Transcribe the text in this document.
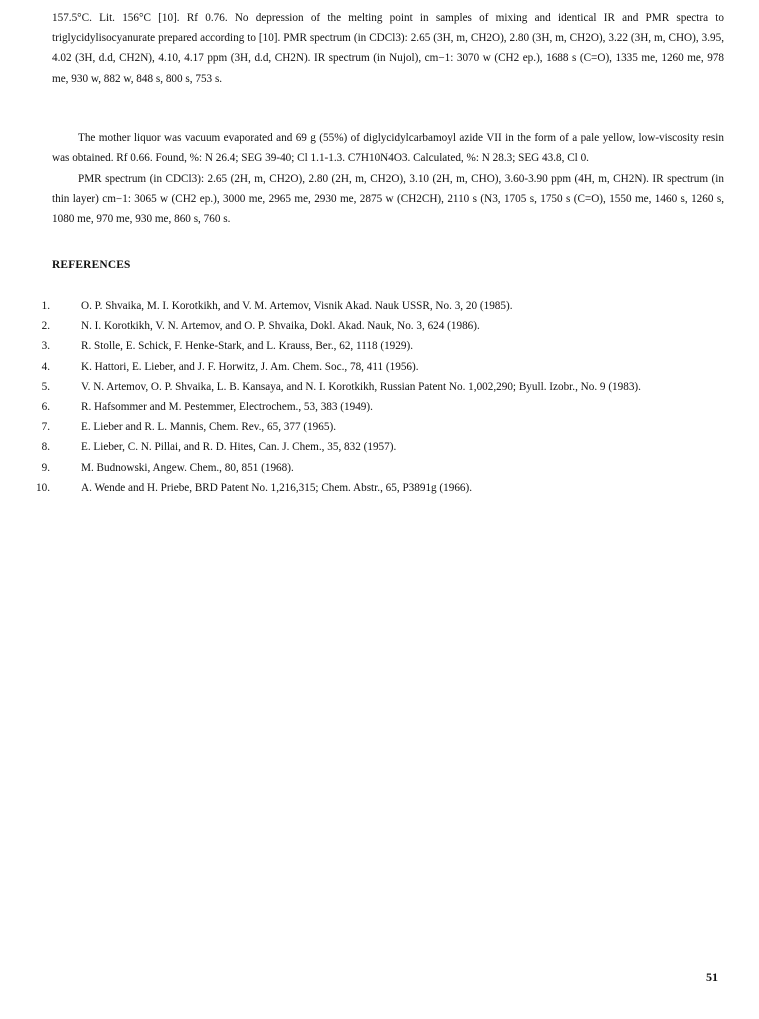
157.5°C. Lit. 156°C [10]. Rf 0.76. No depression of the melting point in samples of mixing and identical IR and PMR spectra to triglycidylisocyanurate prepared according to [10]. PMR spectrum (in CDCl3): 2.65 (3H, m, CH2O), 2.80 (3H, m, CH2O), 3.22 (3H, m, CHO), 3.95, 4.02 (3H, d.d, CH2N), 4.10, 4.17 ppm (3H, d.d, CH2N). IR spectrum (in Nujol), cm−1: 3070 w (CH2 ep.), 1688 s (C=O), 1335 me, 1260 me, 978 me, 930 w, 882 w, 848 s, 800 s, 753 s.

The mother liquor was vacuum evaporated and 69 g (55%) of diglycidylcarbamoyl azide VII in the form of a pale yellow, low-viscosity resin was obtained. Rf 0.66. Found, %: N 26.4; SEG 39-40; Cl 1.1-1.3. C7H10N4O3. Calculated, %: N 28.3; SEG 43.8, Cl 0.

PMR spectrum (in CDCl3): 2.65 (2H, m, CH2O), 2.80 (2H, m, CH2O), 3.10 (2H, m, CHO), 3.60-3.90 ppm (4H, m, CH2N). IR spectrum (in thin layer) cm−1: 3065 w (CH2 ep.), 3000 me, 2965 me, 2930 me, 2875 w (CH2CH), 2110 s (N3, 1705 s, 1750 s (C=O), 1550 me, 1460 s, 1260 s, 1080 me, 970 me, 930 me, 860 s, 760 s.

REFERENCES
1.	O. P. Shvaika, M. I. Korotkikh, and V. M. Artemov, Visnik Akad. Nauk USSR, No. 3, 20 (1985).
2.	N. I. Korotkikh, V. N. Artemov, and O. P. Shvaika, Dokl. Akad. Nauk, No. 3, 624 (1986).
3.	R. Stolle, E. Schick, F. Henke-Stark, and L. Krauss, Ber., 62, 1118 (1929).
4.	K. Hattori, E. Lieber, and J. F. Horwitz, J. Am. Chem. Soc., 78, 411 (1956).
5.	V. N. Artemov, O. P. Shvaika, L. B. Kansaya, and N. I. Korotkikh, Russian Patent No. 1,002,290; Byull. Izobr., No. 9 (1983).
6.	R. Hafsommer and M. Pestemmer, Electrochem., 53, 383 (1949).
7.	E. Lieber and R. L. Mannis, Chem. Rev., 65, 377 (1965).
8.	E. Lieber, C. N. Pillai, and R. D. Hites, Can. J. Chem., 35, 832 (1957).
9.	M. Budnowski, Angew. Chem., 80, 851 (1968).
10.	A. Wende and H. Priebe, BRD Patent No. 1,216,315; Chem. Abstr., 65, P3891g (1966).
51
